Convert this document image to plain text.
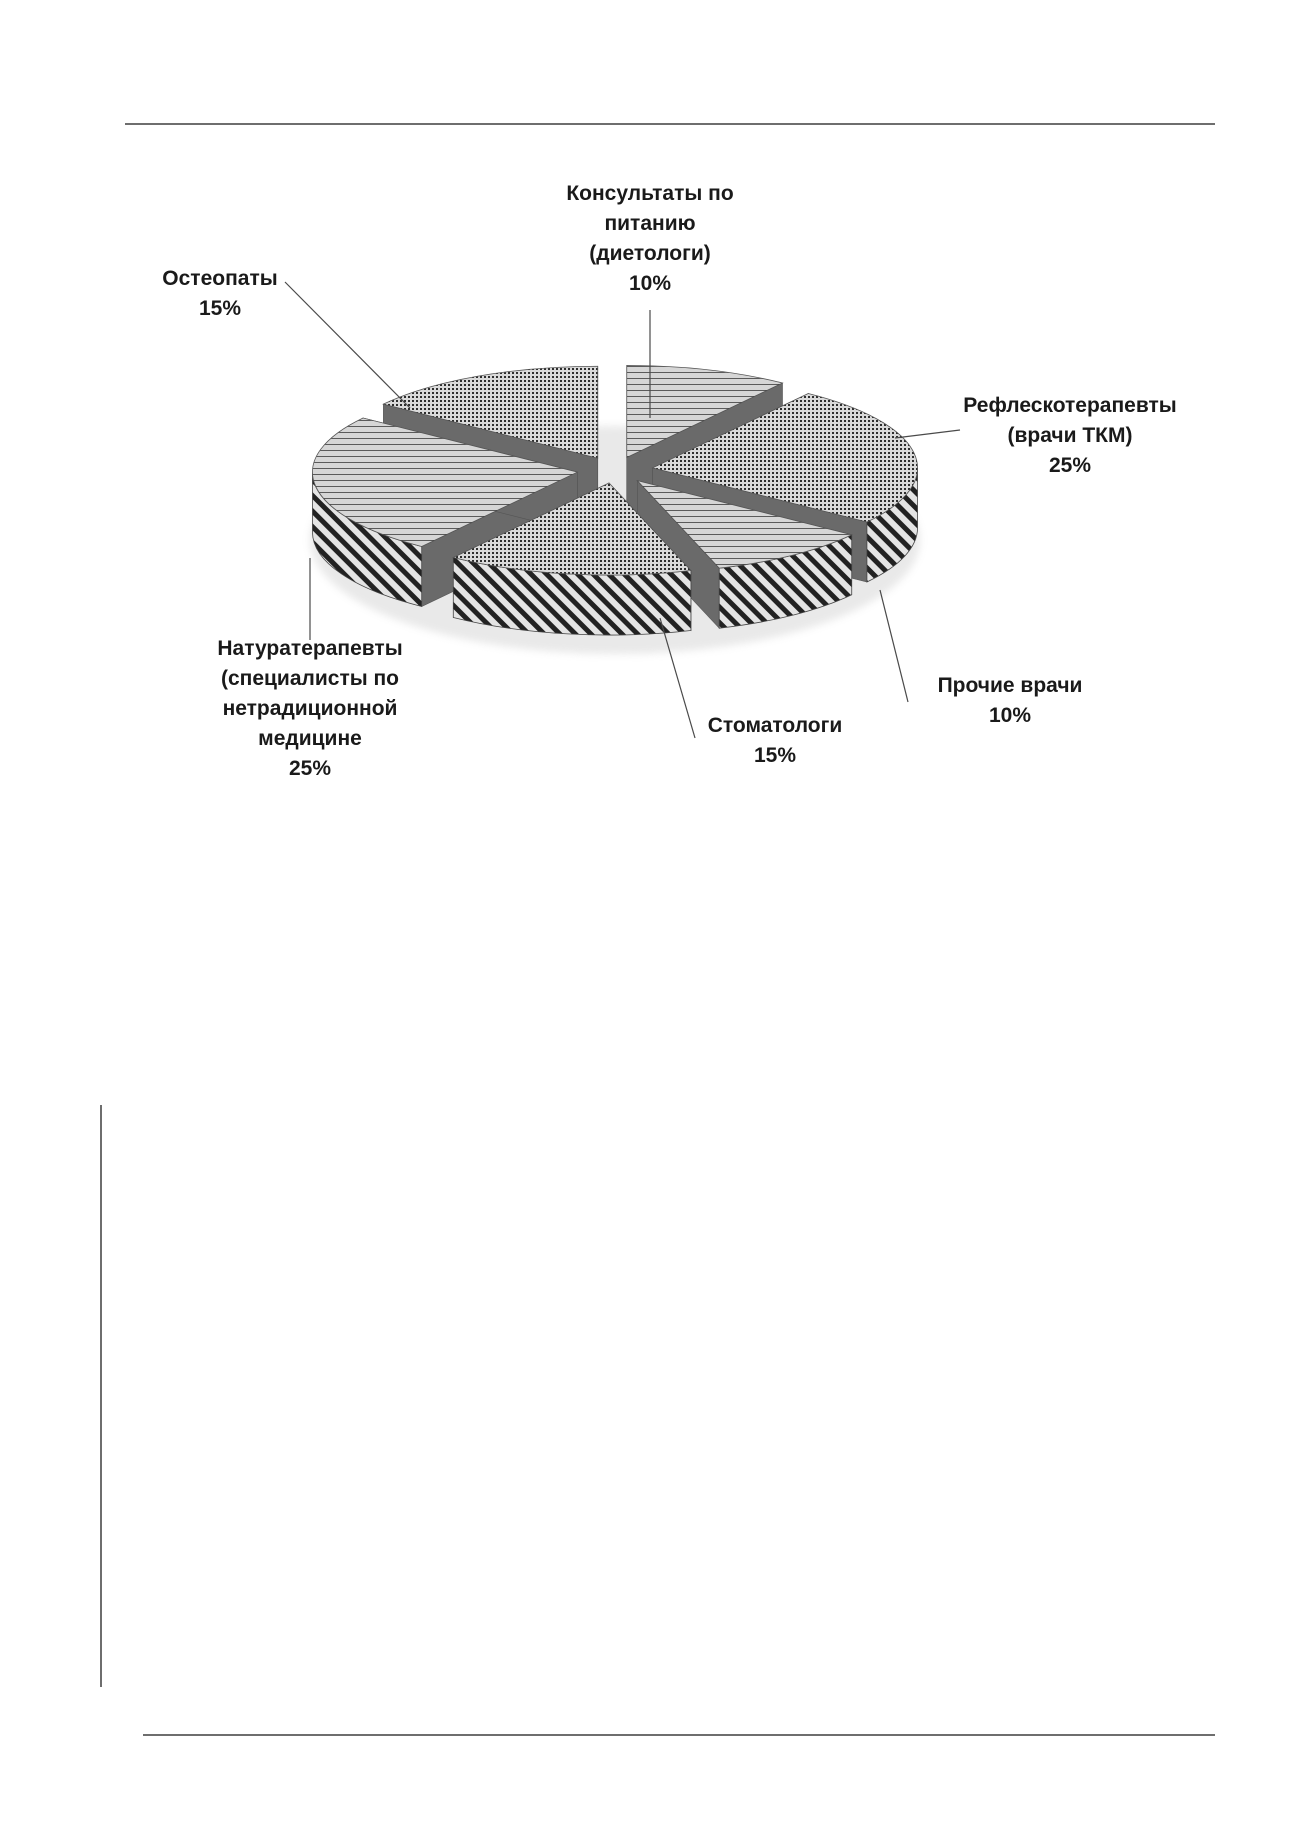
Консультаты по
питанию
(диетологи)
10%
Рефлескотерапевты
(врачи ТКМ)
25%
Прочие врачи
10%
Стоматологи
15%
Натуратерапевты
(специалисты по
нетрадиционной
медицине
25%
Остеопаты
15%
